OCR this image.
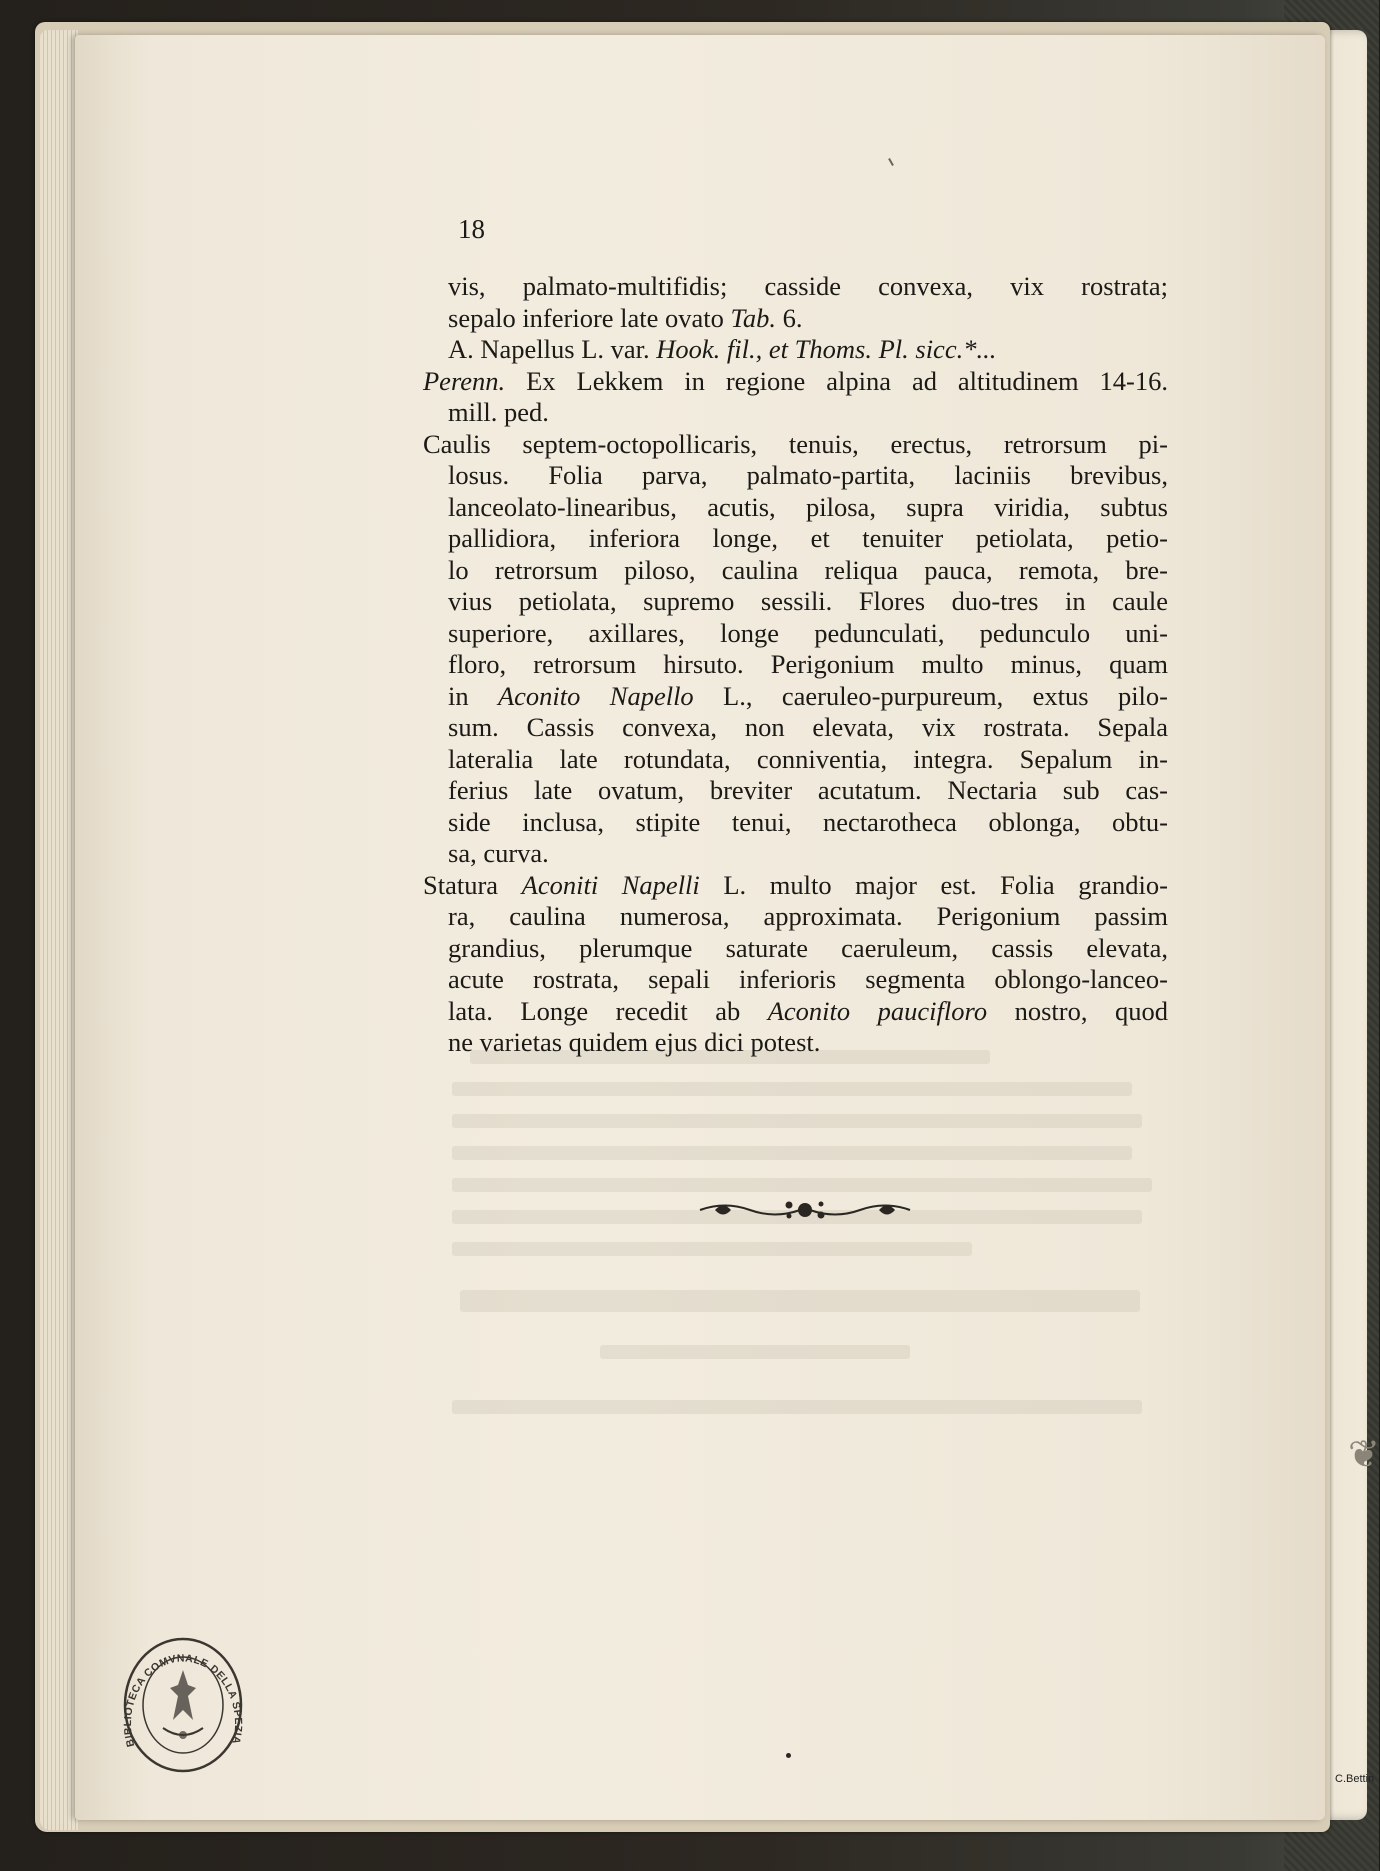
❦
C.Bettin
18
vis, palmato-multifidis; casside convexa, vix rostrata;
sepalo inferiore late ovato Tab. 6.
A. Napellus L. var. Hook. fil., et Thoms. Pl. sicc.*...
Perenn. Ex Lekkem in regione alpina ad altitudinem 14-16.
mill. ped.
Caulis septem-octopollicaris, tenuis, erectus, retrorsum pi-
losus. Folia parva, palmato-partita, laciniis brevibus,
lanceolato-linearibus, acutis, pilosa, supra viridia, subtus
pallidiora, inferiora longe, et tenuiter petiolata, petio-
lo retrorsum piloso, caulina reliqua pauca, remota, bre-
vius petiolata, supremo sessili. Flores duo-tres in caule
superiore, axillares, longe pedunculati, pedunculo uni-
floro, retrorsum hirsuto. Perigonium multo minus, quam
in Aconito Napello L., caeruleo-purpureum, extus pilo-
sum. Cassis convexa, non elevata, vix rostrata. Sepala
lateralia late rotundata, conniventia, integra. Sepalum in-
ferius late ovatum, breviter acutatum. Nectaria sub cas-
side inclusa, stipite tenui, nectarotheca oblonga, obtu-
sa, curva.
Statura Aconiti Napelli L. multo major est. Folia grandio-
ra, caulina numerosa, approximata. Perigonium passim
grandius, plerumque saturate caeruleum, cassis elevata,
acute rostrata, sepali inferioris segmenta oblongo-lanceo-
lata. Longe recedit ab Aconito paucifloro nostro, quod
ne varietas quidem ejus dici potest.
BIBLIOTECA COMVNALE DELLA SPEZIA
